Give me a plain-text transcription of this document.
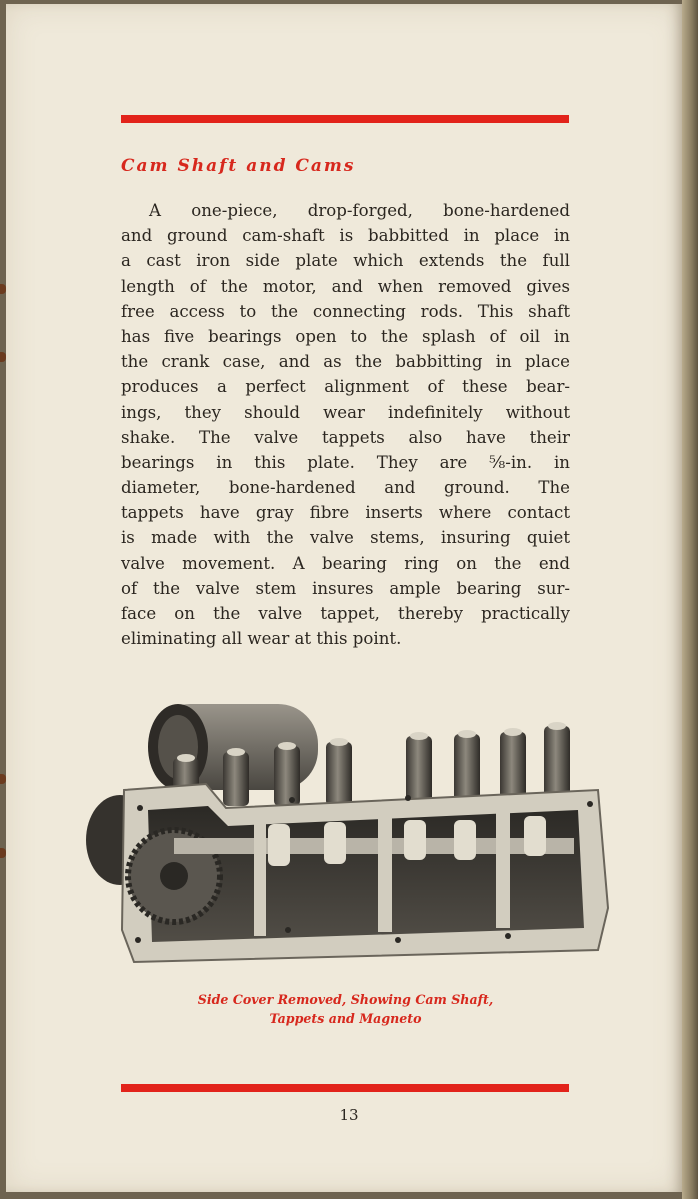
Cam Shaft and Cams
A one-piece, drop-forged, bone-hardened
and ground cam-shaft is babbitted in place in
a cast iron side plate which extends the full
length of the motor, and when removed gives
free access to the connecting rods. This shaft
has five bearings open to the splash of oil in
the crank case, and as the babbitting in place
produces a perfect alignment of these bear-
ings, they should wear indefinitely without
shake. The valve tappets also have their
bearings in this plate. They are ⅝-in. in
diameter, bone-hardened and ground. The
tappets have gray fibre inserts where contact
is made with the valve stems, insuring quiet
valve movement. A bearing ring on the end
of the valve stem insures ample bearing sur-
face on the valve tappet, thereby practically
eliminating all wear at this point.
Side Cover Removed, Showing Cam Shaft,
Tappets and Magneto
13
